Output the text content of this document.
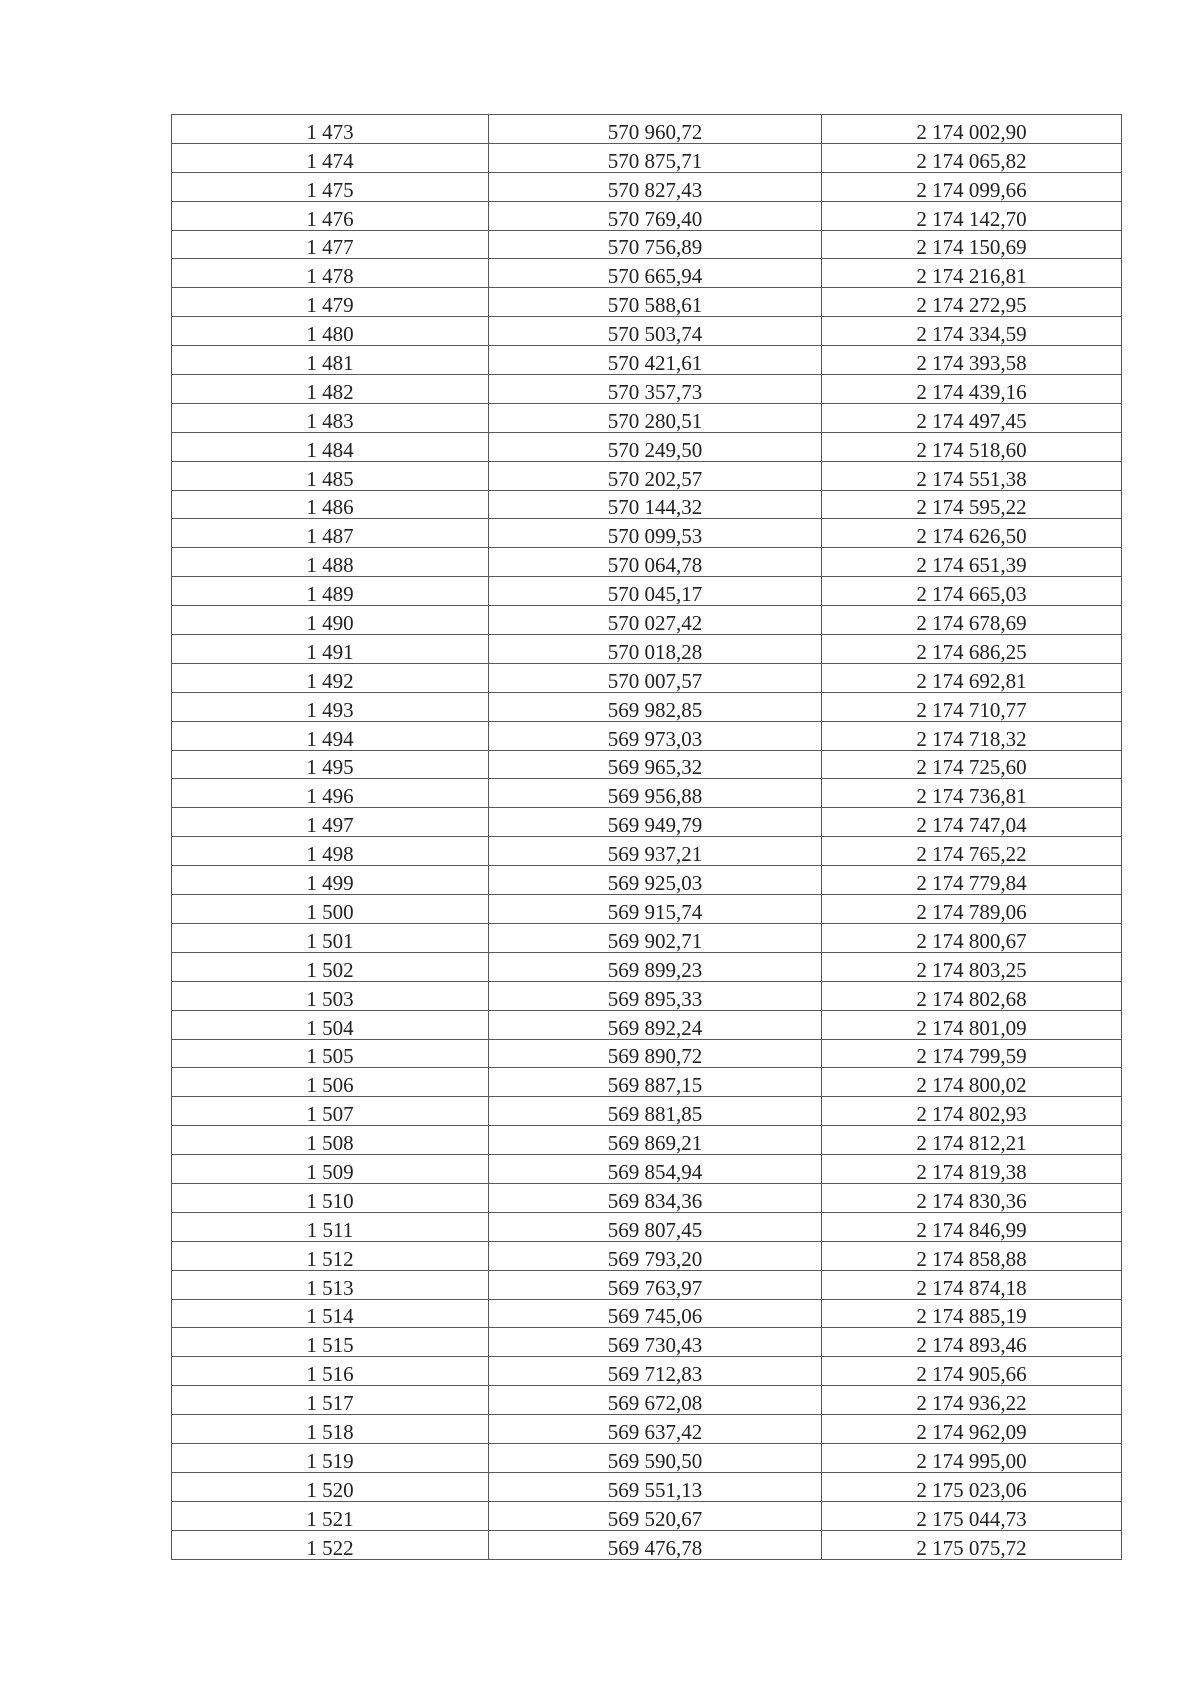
1 473	570 960,72	2 174 002,90
1 474	570 875,71	2 174 065,82
1 475	570 827,43	2 174 099,66
1 476	570 769,40	2 174 142,70
1 477	570 756,89	2 174 150,69
1 478	570 665,94	2 174 216,81
1 479	570 588,61	2 174 272,95
1 480	570 503,74	2 174 334,59
1 481	570 421,61	2 174 393,58
1 482	570 357,73	2 174 439,16
1 483	570 280,51	2 174 497,45
1 484	570 249,50	2 174 518,60
1 485	570 202,57	2 174 551,38
1 486	570 144,32	2 174 595,22
1 487	570 099,53	2 174 626,50
1 488	570 064,78	2 174 651,39
1 489	570 045,17	2 174 665,03
1 490	570 027,42	2 174 678,69
1 491	570 018,28	2 174 686,25
1 492	570 007,57	2 174 692,81
1 493	569 982,85	2 174 710,77
1 494	569 973,03	2 174 718,32
1 495	569 965,32	2 174 725,60
1 496	569 956,88	2 174 736,81
1 497	569 949,79	2 174 747,04
1 498	569 937,21	2 174 765,22
1 499	569 925,03	2 174 779,84
1 500	569 915,74	2 174 789,06
1 501	569 902,71	2 174 800,67
1 502	569 899,23	2 174 803,25
1 503	569 895,33	2 174 802,68
1 504	569 892,24	2 174 801,09
1 505	569 890,72	2 174 799,59
1 506	569 887,15	2 174 800,02
1 507	569 881,85	2 174 802,93
1 508	569 869,21	2 174 812,21
1 509	569 854,94	2 174 819,38
1 510	569 834,36	2 174 830,36
1 511	569 807,45	2 174 846,99
1 512	569 793,20	2 174 858,88
1 513	569 763,97	2 174 874,18
1 514	569 745,06	2 174 885,19
1 515	569 730,43	2 174 893,46
1 516	569 712,83	2 174 905,66
1 517	569 672,08	2 174 936,22
1 518	569 637,42	2 174 962,09
1 519	569 590,50	2 174 995,00
1 520	569 551,13	2 175 023,06
1 521	569 520,67	2 175 044,73
1 522	569 476,78	2 175 075,72
